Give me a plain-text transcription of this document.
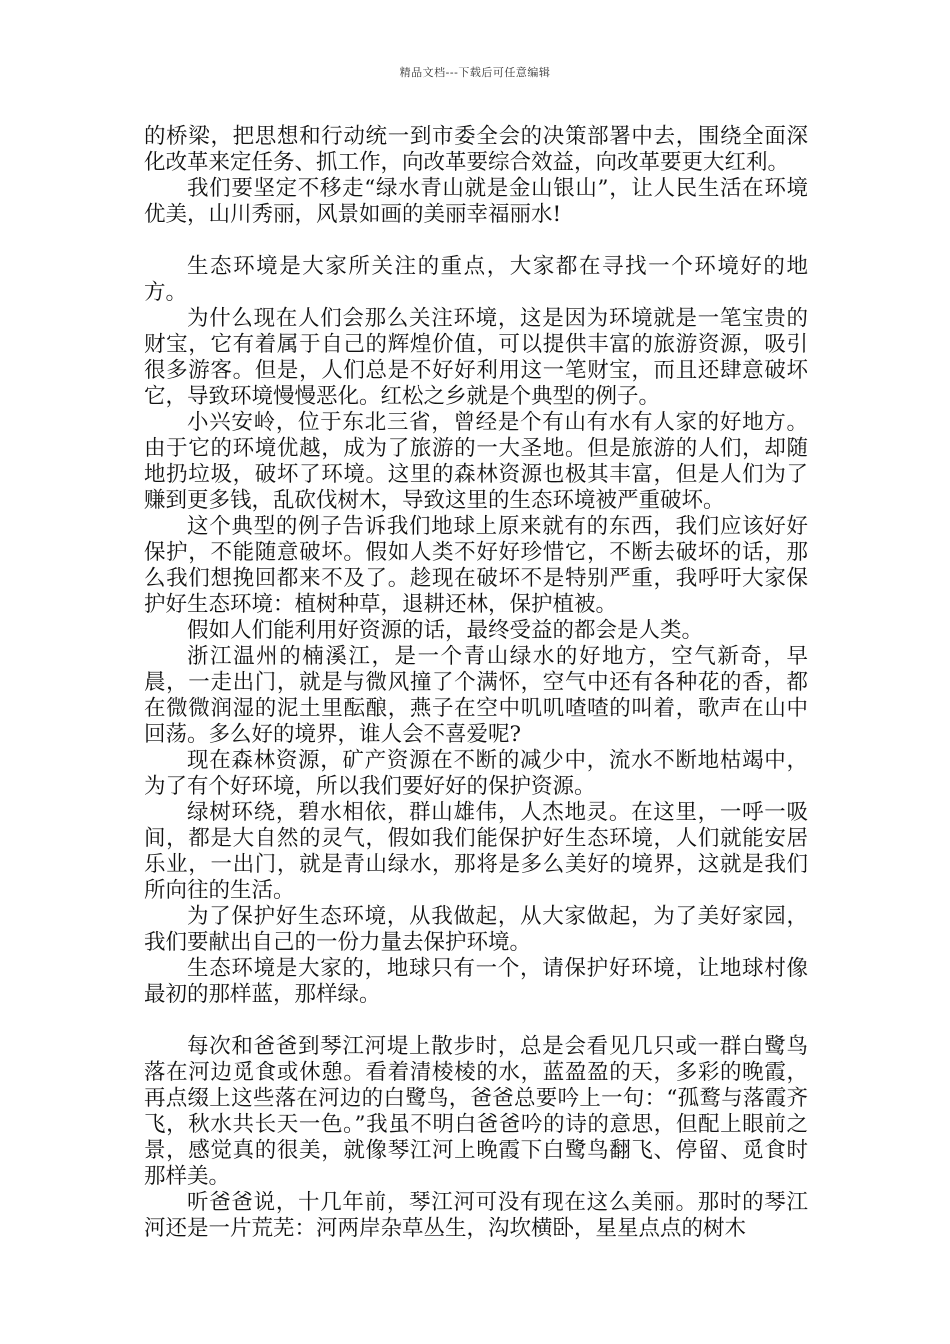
精品文档---下载后可任意编辑

的桥梁，把思想和行动统一到市委全会的决策部署中去，围绕全面深化改革来定任务、抓工作，向改革要综合效益，向改革要更大红利。

我们要坚定不移走“绿水青山就是金山银山”，让人民生活在环境优美，山川秀丽，风景如画的美丽幸福丽水!

生态环境是大家所关注的重点，大家都在寻找一个环境好的地方。

为什么现在人们会那么关注环境，这是因为环境就是一笔宝贵的财宝，它有着属于自己的辉煌价值，可以提供丰富的旅游资源，吸引很多游客。但是，人们总是不好好利用这一笔财宝，而且还肆意破坏它，导致环境慢慢恶化。红松之乡就是个典型的例子。

小兴安岭，位于东北三省，曾经是个有山有水有人家的好地方。由于它的环境优越，成为了旅游的一大圣地。但是旅游的人们，却随地扔垃圾，破坏了环境。这里的森林资源也极其丰富，但是人们为了赚到更多钱，乱砍伐树木，导致这里的生态环境被严重破坏。

这个典型的例子告诉我们地球上原来就有的东西，我们应该好好保护，不能随意破坏。假如人类不好好珍惜它，不断去破坏的话，那么我们想挽回都来不及了。趁现在破坏不是特别严重，我呼吁大家保护好生态环境：植树种草，退耕还林，保护植被。

假如人们能利用好资源的话，最终受益的都会是人类。

浙江温州的楠溪江，是一个青山绿水的好地方，空气新奇，早晨，一走出门，就是与微风撞了个满怀，空气中还有各种花的香，都在微微润湿的泥土里酝酿，燕子在空中叽叽喳喳的叫着，歌声在山中回荡。多么好的境界，谁人会不喜爱呢?

现在森林资源，矿产资源在不断的减少中，流水不断地枯竭中，为了有个好环境，所以我们要好好的保护资源。

绿树环绕，碧水相依，群山雄伟，人杰地灵。在这里，一呼一吸间，都是大自然的灵气，假如我们能保护好生态环境，人们就能安居乐业，一出门，就是青山绿水，那将是多么美好的境界，这就是我们所向往的生活。

为了保护好生态环境，从我做起，从大家做起，为了美好家园，我们要献出自己的一份力量去保护环境。

生态环境是大家的，地球只有一个，请保护好环境，让地球村像最初的那样蓝，那样绿。

每次和爸爸到琴江河堤上散步时，总是会看见几只或一群白鹭鸟落在河边觅食或休憩。看着清棱棱的水，蓝盈盈的天，多彩的晚霞，再点缀上这些落在河边的白鹭鸟，爸爸总要吟上一句：“孤鹜与落霞齐飞，秋水共长天一色。”我虽不明白爸爸吟的诗的意思，但配上眼前之景，感觉真的很美，就像琴江河上晚霞下白鹭鸟翻飞、停留、觅食时那样美。

听爸爸说，十几年前，琴江河可没有现在这么美丽。那时的琴江河还是一片荒芜：河两岸杂草丛生，沟坎横卧，星星点点的树木
